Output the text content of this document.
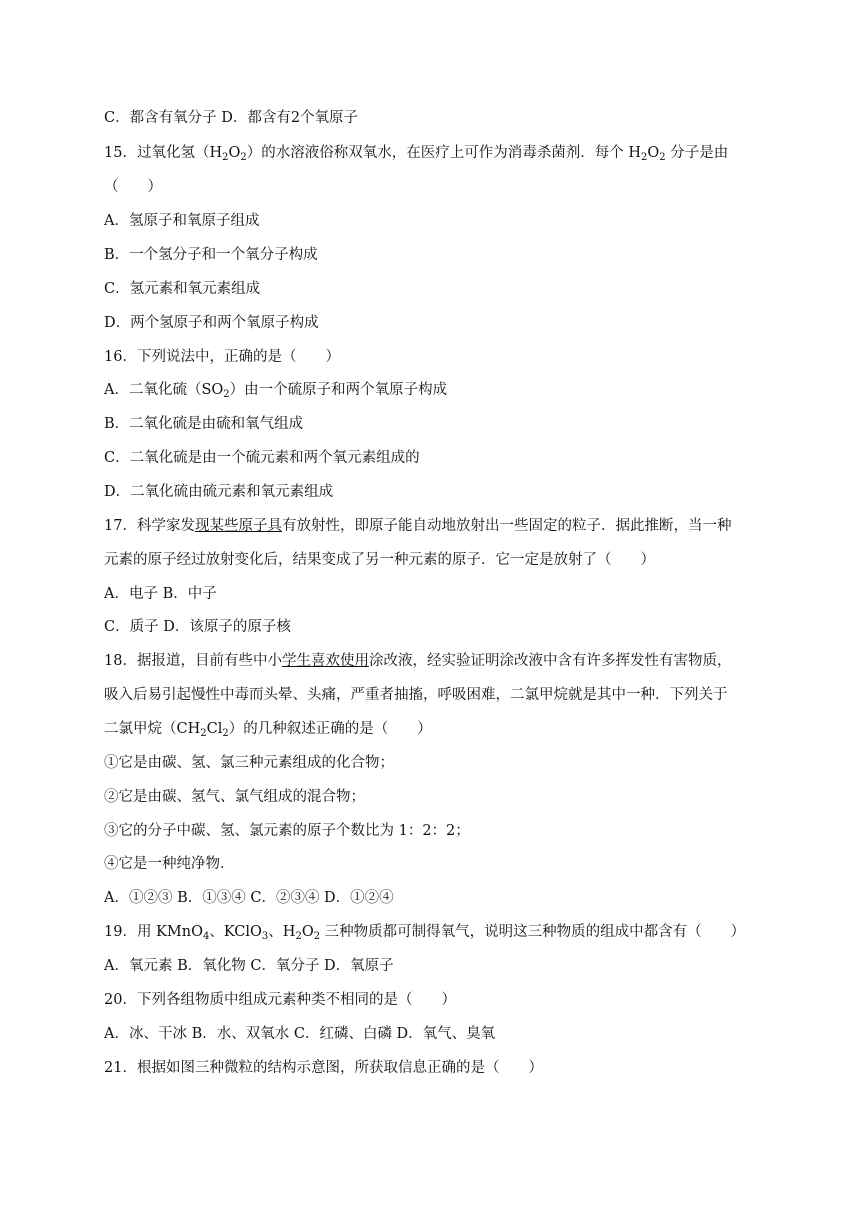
C．都含有氧分子 D．都含有2个氧原子
15．过氧化氢$(H_2O_2)$的水溶液俗称双氧水，在医疗上可作为消毒杀菌剂．每个 $H_2O_2$ 分子是由
（　　）
A．氢原子和氧原子组成
B．一个氢分子和一个氧分子构成
C．氢元素和氧元素组成
D．两个氢原子和两个氧原子构成
16．下列说法中，正确的是（　　）
A．二氧化硫$(SO_2)$由一个硫原子和两个氧原子构成
B．二氧化硫是由硫和氧气组成
C．二氧化硫是由一个硫元素和两个氧元素组成的
D．二氧化硫由硫元素和氧元素组成
17．科学家发现某些原子具有放射性，即原子能自动地放射出一些固定的粒子．据此推断，当一种
元素的原子经过放射变化后，结果变成了另一种元素的原子．它一定是放射了（　　）
A．电子 B．中子
C．质子 D．该原子的原子核
18．据报道，目前有些中小学生喜欢使用涂改液，经实验证明涂改液中含有许多挥发性有害物质，
吸入后易引起慢性中毒而头晕、头痛，严重者抽搐，呼吸困难，二氯甲烷就是其中一种．下列关于
二氯甲烷$(CH_2Cl_2)$的几种叙述正确的是（　　）
①它是由碳、氢、氯三种元素组成的化合物；
②它是由碳、氢气、氯气组成的混合物；
③它的分子中碳、氢、氯元素的原子个数比为 1：2：2；
④它是一种纯净物．
A．①②③ B．①③④ C．②③④ D．①②④
19．用 KMnO$_4$、KClO$_3$、$H_2O_2$ 三种物质都可制得氧气，说明这三种物质的组成中都含有（　　）
A．氧元素 B．氧化物 C．氧分子 D．氧原子
20．下列各组物质中组成元素种类不相同的是（　　）
A．冰、干冰 B．水、双氧水 C．红磷、白磷 D．氧气、臭氧
21．根据如图三种微粒的结构示意图，所获取信息正确的是（　　）
